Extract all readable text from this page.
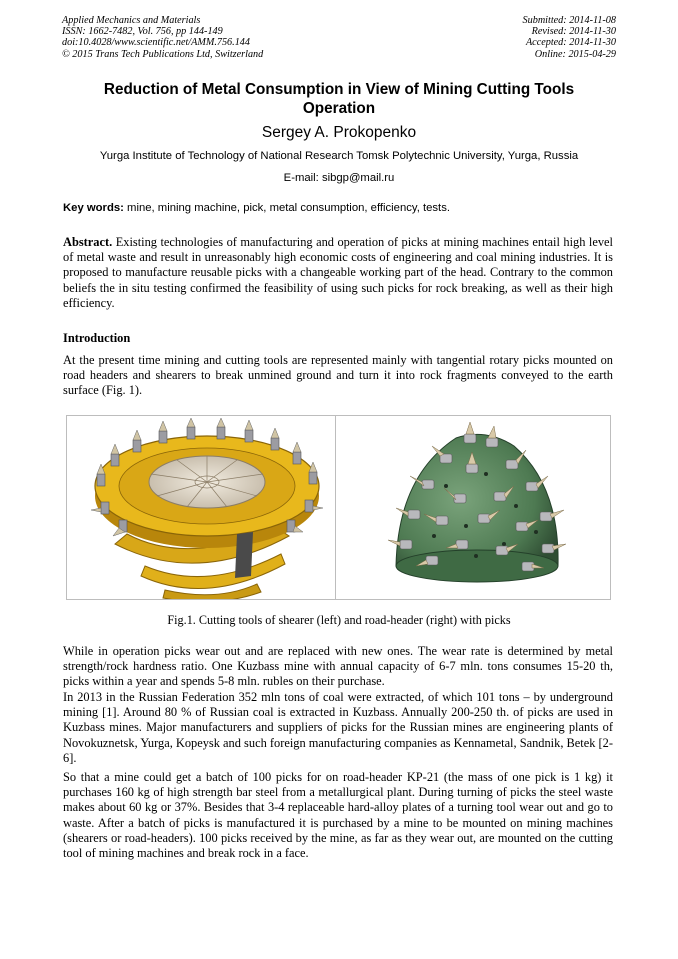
Applied Mechanics and Materials
ISSN: 1662-7482, Vol. 756, pp 144-149
doi:10.4028/www.scientific.net/AMM.756.144
© 2015 Trans Tech Publications Ltd, Switzerland
Submitted: 2014-11-08
Revised: 2014-11-30
Accepted: 2014-11-30
Online: 2015-04-29
Reduction of Metal Consumption in View of Mining Cutting Tools
Operation
Sergey A. Prokopenko
Yurga Institute of Technology of National Research Tomsk Polytechnic University, Yurga, Russia
E-mail: sibgp@mail.ru
Key words: mine, mining machine, pick, metal consumption, efficiency, tests.
Abstract. Existing technologies of manufacturing and operation of picks at mining machines entail high level of metal waste and result in unreasonably high economic costs of engineering and coal mining industries. It is proposed to manufacture reusable picks with a changeable working part of the head. Contrary to the common beliefs the in situ testing confirmed the feasibility of using such picks for rock breaking, as well as their high efficiency.
Introduction
At the present time mining and cutting tools are represented mainly with tangential rotary picks mounted on road headers and shearers to break unmined ground and turn it into rock fragments conveyed to the earth surface (Fig. 1).
Fig.1. Cutting tools of shearer (left) and road-header (right) with picks
While in operation picks wear out and are replaced with new ones. The wear rate is determined by metal strength/rock hardness ratio. One Kuzbass mine with annual capacity of 6-7 mln. tons consumes 15-20 th, picks within a year and spends 5-8 mln. rubles on their purchase.
In 2013 in the Russian Federation 352 mln tons of coal were extracted, of which 101 tons – by underground mining [1]. Around 80 % of Russian coal is extracted in Kuzbass. Annually 200-250 th. of picks are used in Kuzbass mines. Major manufacturers and suppliers of picks for the Russian mines are engineering plants of Novokuznetsk, Yurga, Kopeysk and such foreign manufacturing companies as Kennametal, Sandnik, Betek [2-6].
So that a mine could get a batch of 100 picks for on road-header KP-21 (the mass of one pick is 1 kg) it purchases 160 kg of high strength bar steel from a metallurgical plant. During turning of picks the steel waste makes about 60 kg or 37%. Besides that 3-4 replaceable hard-alloy plates of a turning tool wear out and go to waste. After a batch of picks is manufactured it is purchased by a mine to be mounted on mining machines (shearers or road-headers). 100 picks received by the mine, as far as they wear out, are mounted on the cutting tool of mining machines and break rock in a face.
